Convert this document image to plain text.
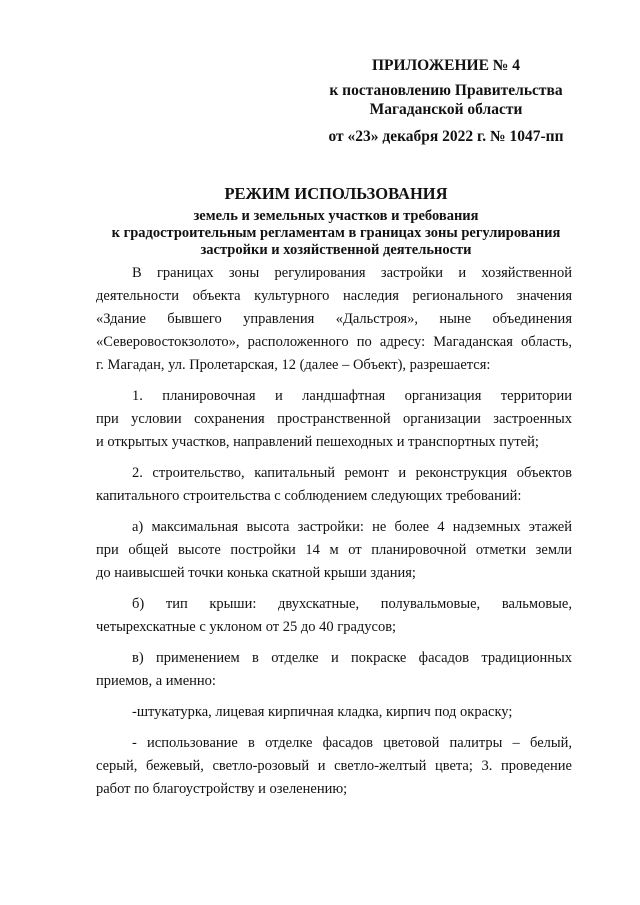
ПРИЛОЖЕНИЕ № 4
к постановлению Правительства
Магаданской области
от «23» декабря 2022 г. № 1047-пп
РЕЖИМ ИСПОЛЬЗОВАНИЯ
земель и земельных участков и требования
к градостроительным регламентам в границах зоны регулирования
застройки и хозяйственной деятельности
В границах зоны регулирования застройки и хозяйственной
деятельности объекта культурного наследия регионального значения
«Здание бывшего управления «Дальстроя», ныне объединения
«Северовостокзолото», расположенного по адресу: Магаданская область,
г. Магадан, ул. Пролетарская, 12 (далее – Объект), разрешается:
1. планировочная и ландшафтная организация территории
при условии сохранения пространственной организации застроенных
и открытых участков, направлений пешеходных и транспортных путей;
2. строительство, капитальный ремонт и реконструкция объектов
капитального строительства с соблюдением следующих требований:
а) максимальная высота застройки: не более 4 надземных этажей
при общей высоте постройки 14 м от планировочной отметки земли
до наивысшей точки конька скатной крыши здания;
б) тип крыши: двухскатные, полувальмовые, вальмовые,
четырехскатные с уклоном от 25 до 40 градусов;
в) применением в отделке и покраске фасадов традиционных
приемов, а именно:
-штукатурка, лицевая кирпичная кладка, кирпич под окраску;
- использование в отделке фасадов цветовой палитры – белый,
серый, бежевый, светло-розовый и светло-желтый цвета; 3. проведение
работ по благоустройству и озеленению;
